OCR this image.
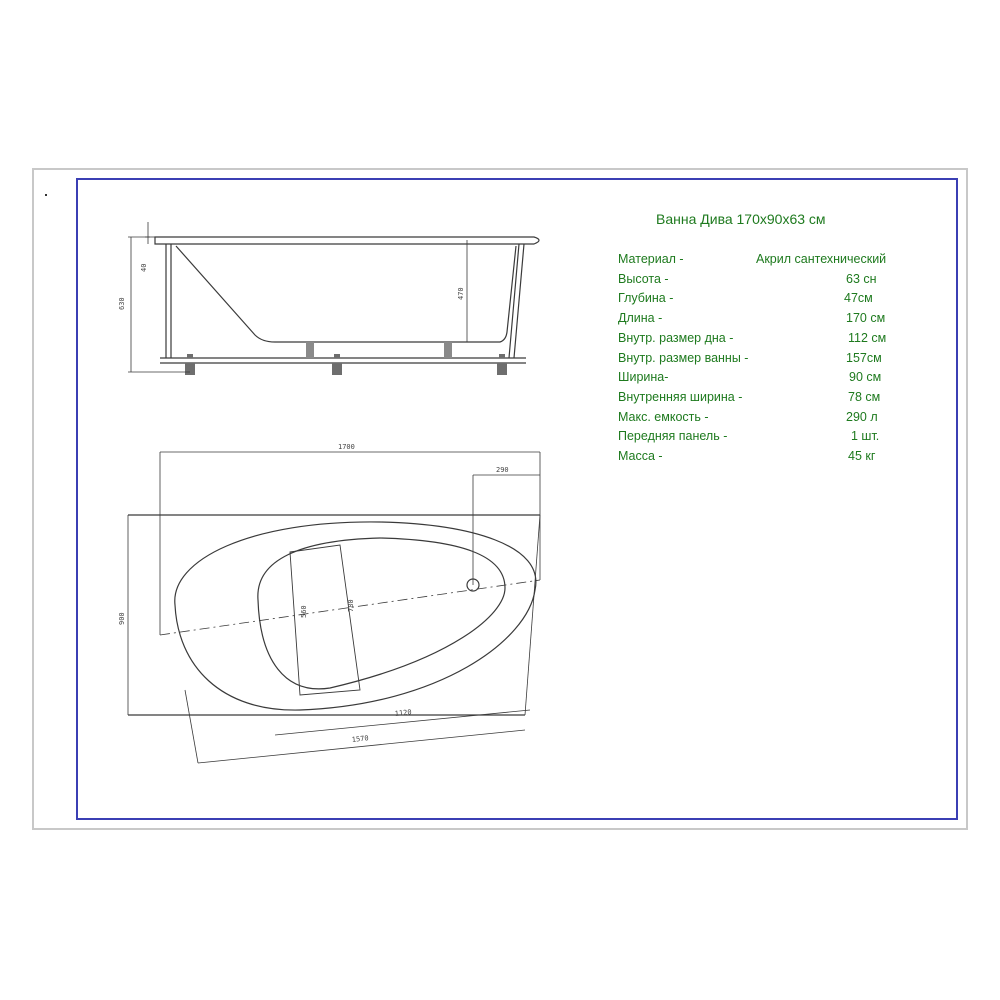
40
630
470
1700
290
900
780
560
1120
1570
Ванна Дива 170х90х63 см
Материал -	Акрил сантехнический
Высота -	63 сн
Глубина -	47см
Длина -	170 см
Внутр. размер дна -	112 см
Внутр. размер ванны -	157см
Ширина-	90 см
Внутренняя ширина -	78 см
Макс. емкость -	290 л
Передняя панель -	1 шт.
Масса -	45 кг
